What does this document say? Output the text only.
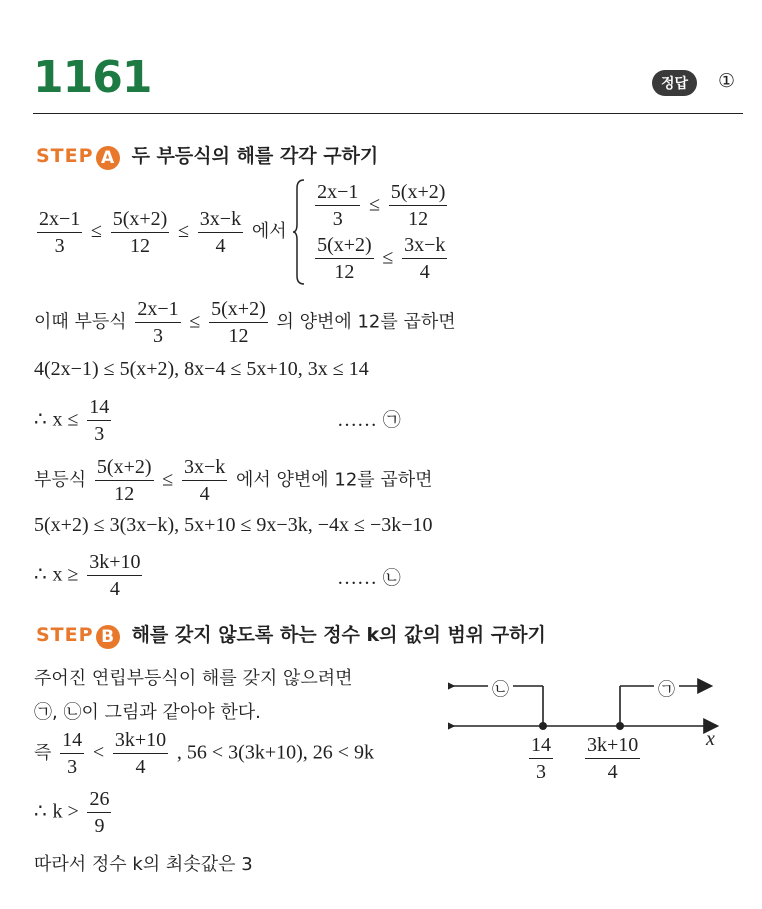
1161	정답	①
STEP A 두 부등식의 해를 각각 구하기
$\frac{2x-1}{3} \le \frac{5(x+2)}{12} \le \frac{3x-k}{4}$ 에서 $\frac{2x-1}{3} \le \frac{5(x+2)}{12}$
$\frac{5(x+2)}{12} \le \frac{3x-k}{4}$
이때 부등식 $\frac{2x-1}{3} \le \frac{5(x+2)}{12}$ 의 양변에 12를 곱하면
4(2x−1) ≤ 5(x+2), 8x−4 ≤ 5x+10, 3x ≤ 14
∴ $x \le \frac{14}{3}$	…… ㉠
부등식 $\frac{5(x+2)}{12} \le \frac{3x-k}{4}$ 에서 양변에 12를 곱하면
5(x+2) ≤ 3(3x−k), 5x+10 ≤ 9x−3k, −4x ≤ −3k−10
∴ $x \ge \frac{3k+10}{4}$	…… ㉡
STEP B 해를 갖지 않도록 하는 정수 k의 값의 범위 구하기
주어진 연립부등식이 해를 갖지 않으려면
㉠, ㉡이 그림과 같아야 한다.
즉 $\frac{14}{3} < \frac{3k+10}{4}$ , 56 < 3(3k+10), 26 < 9k
∴ $k > \frac{26}{9}$
따라서 정수 k의 최솟값은 3
㉡	㉠
x
$\frac{14}{3} \frac{3k+10}{4}$
